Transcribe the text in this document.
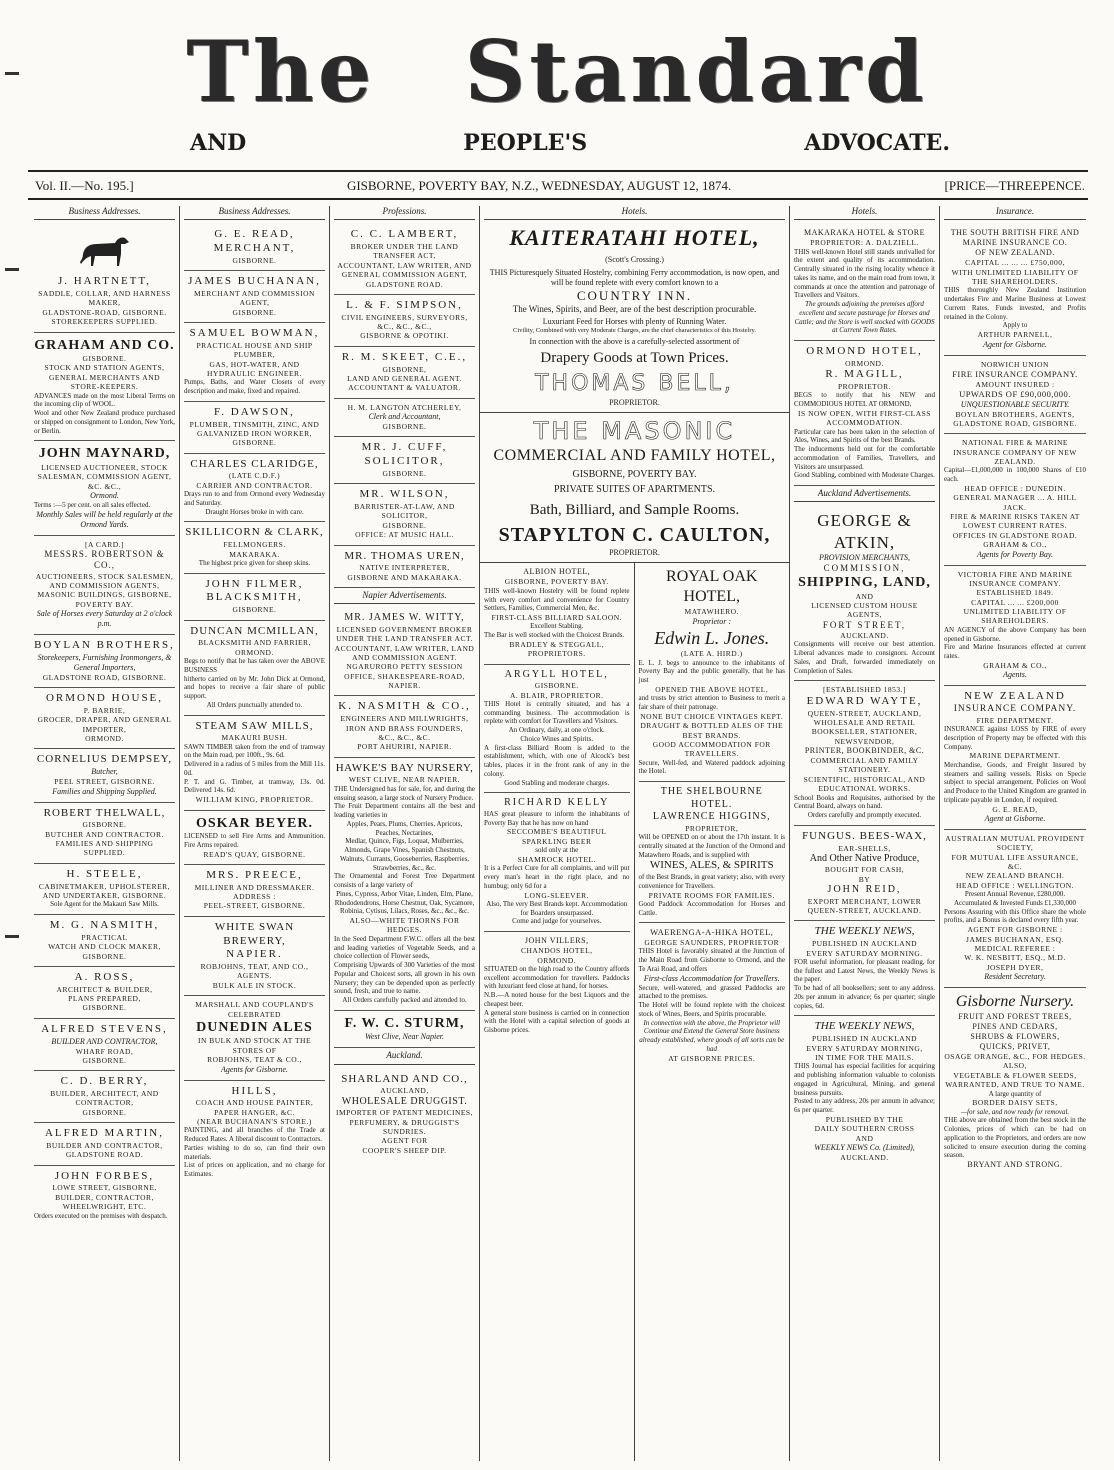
The Standard
AND PEOPLE'S ADVOCATE.
Vol. II.—No. 195.]	GISBORNE, POVERTY BAY, N.Z., WEDNESDAY, AUGUST 12, 1874.	[PRICE—THREEPENCE.
Business Addresses.
J. HARTNETT,
SADDLE, COLLAR, AND HARNESS MAKER,
GLADSTONE-ROAD, GISBORNE.
STOREKEEPERS SUPPLIED.
GRAHAM AND CO.
GISBORNE.
STOCK AND STATION AGENTS,
GENERAL MERCHANTS AND STORE-KEEPERS.
ADVANCES made on the most Liberal Terms on the incoming clip of WOOL.
Wool and other New Zealand produce purchased or shipped on consignment to London, New York, or Berlin.
JOHN MAYNARD,
LICENSED AUCTIONEER, STOCK SALESMAN, COMMISSION AGENT, &C. &C.,
Ormond.
Terms :—5 per cent. on all sales effected.
Monthly Sales will be held regularly at the Ormond Yards.
[A CARD.]
MESSRS. ROBERTSON & CO.,
AUCTIONEERS, STOCK SALESMEN,
AND COMMISSION AGENTS,
MASONIC BUILDINGS, GISBORNE, POVERTY BAY.
Sale of Horses every Saturday at 2 o'clock p.m.
BOYLAN BROTHERS,
Storekeepers, Furnishing Ironmongers, & General Importers,
GLADSTONE ROAD, GISBORNE.
ORMOND HOUSE,
P. BARRIE,
GROCER, DRAPER, AND GENERAL IMPORTER,
ORMOND.
CORNELIUS DEMPSEY,
Butcher,
PEEL STREET, GISBORNE.
Families and Shipping Supplied.
ROBERT THELWALL,
GISBORNE.
BUTCHER AND CONTRACTOR.
FAMILIES AND SHIPPING SUPPLIED.
H. STEELE,
CABINETMAKER, UPHOLSTERER,
AND UNDERTAKER, GISBORNE.
Sole Agent for the Makauri Saw Mills.
M. G. NASMITH,
PRACTICAL
WATCH AND CLOCK MAKER,
GISBORNE.
A. ROSS,
ARCHITECT & BUILDER,
PLANS PREPARED,
GISBORNE.
ALFRED STEVENS,
BUILDER AND CONTRACTOR,
WHARF ROAD,
GISBORNE.
C. D. BERRY,
BUILDER, ARCHITECT, AND CONTRACTOR,
GISBORNE.
ALFRED MARTIN,
BUILDER AND CONTRACTOR,
GLADSTONE ROAD.
JOHN FORBES,
LOWE STREET, GISBORNE,
BUILDER, CONTRACTOR, WHEELWRIGHT, ETC.
Orders executed on the premises with despatch.
Business Addresses.
G. E. READ,
MERCHANT,
GISBORNE.
JAMES BUCHANAN,
MERCHANT AND COMMISSION AGENT,
GISBORNE.
SAMUEL BOWMAN,
PRACTICAL HOUSE AND SHIP PLUMBER,
GAS, HOT-WATER, AND HYDRAULIC ENGINEER.
Pumps, Baths, and Water Closets of every description and make, fixed and repaired.
F. DAWSON,
PLUMBER, TINSMITH, ZINC, AND GALVANIZED IRON WORKER,
GISBORNE.
CHARLES CLARIDGE,
(LATE C.D.F.)
CARRIER AND CONTRACTOR.
Drays run to and from Ormond every Wednesday and Saturday.
Draught Horses broke in with care.
SKILLICORN & CLARK,
FELLMONGERS.
MAKARAKA.
The highest price given for sheep skins.
JOHN FILMER,
BLACKSMITH,
GISBORNE.
DUNCAN MCMILLAN,
BLACKSMITH AND FARRIER,
ORMOND.
Begs to notify that he has taken over the ABOVE BUSINESS
hitherto carried on by Mr. John Dick at Ormond, and hopes to receive a fair share of public support.
All Orders punctually attended to.
STEAM SAW MILLS,
MAKAURI BUSH.
SAWN TIMBER taken from the end of tramway on the Main road, per 100ft., 9s. 6d.
Delivered in a radius of 5 miles from the Mill 11s. 0d.
P. T. and G. Timber, at tramway, 13s. 0d. Delivered 14s. 6d.
WILLIAM KING, PROPRIETOR.
OSKAR BEYER.
LICENSED to sell Fire Arms and Ammunition. Fire Arms repaired.
READ'S QUAY, GISBORNE.
MRS. PREECE,
MILLINER AND DRESSMAKER.
ADDRESS :
PEEL-STREET, GISBORNE.
WHITE SWAN BREWERY,
NAPIER.
ROBJOHNS, TEAT, AND CO.,
AGENTS.
BULK ALE IN STOCK.
MARSHALL AND COUPLAND'S
CELEBRATED
DUNEDIN ALES
IN BULK AND STOCK AT THE STORES OF
ROBJOHNS, TEAT & CO.,
Agents for Gisborne.
HILLS,
COACH AND HOUSE PAINTER, PAPER HANGER, &C.
(NEAR BUCHANAN'S STORE.)
PAINTING, and all branches of the Trade at Reduced Rates. A liberal discount to Contractors.
Parties wishing to do so, can find their own materials.
List of prices on application, and no charge for Estimates.
Professions.
C. C. LAMBERT,
BROKER UNDER THE LAND TRANSFER ACT,
ACCOUNTANT, LAW WRITER, AND
GENERAL COMMISSION AGENT,
GLADSTONE ROAD.
L. & F. SIMPSON,
CIVIL ENGINEERS, SURVEYORS,
&C., &C., &C.,
GISBORNE & OPOTIKI.
R. M. SKEET, C.E.,
GISBORNE,
LAND AND GENERAL AGENT.
ACCOUNTANT & VALUATOR.
H. M. LANGTON ATCHERLEY,
Clerk and Accountant,
GISBORNE.
MR. J. CUFF,
SOLICITOR,
GISBORNE.
MR. WILSON,
BARRISTER-AT-LAW, AND SOLICITOR,
GISBORNE.
OFFICE: AT MUSIC HALL.
MR. THOMAS UREN,
NATIVE INTERPRETER,
GISBORNE AND MAKARAKA.
Napier Advertisements.
MR. JAMES W. WITTY,
LICENSED GOVERNMENT BROKER
UNDER THE LAND TRANSFER ACT.
ACCOUNTANT, LAW WRITER, LAND AND COMMISSION AGENT.
NGARURORO PETTY SESSION OFFICE, SHAKESPEARE-ROAD, NAPIER.
K. NASMITH & CO.,
ENGINEERS AND MILLWRIGHTS,
IRON AND BRASS FOUNDERS,
&C., &C., &C.
PORT AHURIRI, NAPIER.
HAWKE'S BAY NURSERY,
WEST CLIVE, NEAR NAPIER.
THE Undersigned has for sale, for, and during the ensuing season, a large stock of Nursery Produce.
The Fruit Department contains all the best and leading varieties in
Apples, Pears, Plums, Cherries, Apricots, Peaches, Nectarines,
Medlar, Quince, Figs, Loquat, Mulberries, Almonds, Grape Vines, Spanish Chestnuts, Walnuts, Currants, Gooseberries, Raspberries, Strawberries, &c., &c.
The Ornamental and Forest Tree Department consists of a large variety of
Pines, Cypress, Arbor Vitae, Linden, Elm, Plane, Rhododendrons, Horse Chestnut, Oak, Sycamore, Robinia, Cytisus, Lilacs, Roses, &c., &c., &c.
ALSO—WHITE THORNS FOR HEDGES.
In the Seed Department F.W.C. offers all the best and leading varieties of Vegetable Seeds, and a choice collection of Flower seeds,
Comprising Upwards of 300 Varieties of the most Popular and Choicest sorts, all grown in his own Nursery; they can be depended upon as perfectly sound, fresh, and true to name.
All Orders carefully packed and attended to.
F. W. C. STURM,
West Clive, Near Napier.
Auckland.
SHARLAND AND CO.,
AUCKLAND,
WHOLESALE DRUGGIST.
IMPORTER OF PATENT MEDICINES, PERFUMERY, & DRUGGIST'S SUNDRIES.
AGENT FOR
COOPER'S SHEEP DIP.
Hotels.
KAITERATAHI HOTEL,
(Scott's Crossing.)
THIS Picturesquely Situated Hostelry, combining Ferry accommodation, is now open, and will be found replete with every comfort known to a
COUNTRY INN.
The Wines, Spirits, and Beer, are of the best description procurable.
Luxuriant Feed for Horses with plenty of Running Water.
Civility, Combined with very Moderate Charges, are the chief characteristics of this Hostelry.
In connection with the above is a carefully-selected assortment of
Drapery Goods at Town Prices.
THOMAS BELL,
PROPRIETOR.
THE MASONIC
COMMERCIAL AND FAMILY HOTEL,
GISBORNE, POVERTY BAY.
PRIVATE SUITES OF APARTMENTS.
Bath, Billiard, and Sample Rooms.
STAPYLTON C. CAULTON,
PROPRIETOR.
ALBION HOTEL,
GISBORNE, POVERTY BAY.
THIS well-known Hostelry will be found replete with every comfort and convenience for Country Settlers, Families, Commercial Men, &c.
FIRST-CLASS BILLIARD SALOON.
Excellent Stabling.
The Bar is well stocked with the Choicest Brands.
BRADLEY & STEGGALL, PROPRIETORS.
ARGYLL HOTEL,
GISBORNE.
A. BLAIR, PROPRIETOR.
THIS Hotel is centrally situated, and has a commanding business. The accommodation is replete with comfort for Travellers and Visitors.
An Ordinary, daily, at one o'clock.
Choice Wines and Spirits.
A first-class Billiard Room is added to the establishment, which, with one of Alcock's best tables, places it in the front rank of any in the colony.
Good Stabling and moderate charges.
RICHARD KELLY
HAS great pleasure to inform the inhabitants of Poverty Bay that he has now on hand
SECCOMBE'S BEAUTIFUL SPARKLING BEER
sold only at the
SHAMROCK HOTEL.
It is a Perfect Cure for all complaints, and will put every man's heart in the right place, and no humbug; only 6d for a
LONG-SLEEVER.
Also, The very Best Brands kept. Accommodation for Boarders unsurpassed.
Come and judge for yourselves.
JOHN VILLERS,
CHANDOS HOTEL,
ORMOND.
SITUATED on the high road to the Country affords excellent accommodation for travellers. Paddocks with luxuriant feed close at hand, for horses.
N.B.—A noted house for the best Liquors and the cheapest beer.
A general store business is carried on in connection with the Hotel with a capital selection of goods at Gisborne prices.
ROYAL OAK HOTEL,
MATAWHERO.
Proprietor :
Edwin L. Jones.
(LATE A. HIRD.)
E. L. J. begs to announce to the inhabitants of Poverty Bay and the public generally, that he has just
OPENED THE ABOVE HOTEL,
and trusts by strict attention to Business to merit a fair share of their patronage.
NONE BUT CHOICE VINTAGES KEPT.
DRAUGHT & BOTTLED ALES OF THE BEST BRANDS.
GOOD ACCOMMODATION FOR TRAVELLERS.
Secure, Well-fed, and Watered paddock adjoining the Hotel.
THE SHELBOURNE HOTEL.
LAWRENCE HIGGINS,
PROPRIETOR,
Will be OPENED on or about the 17th instant. It is centrally situated at the Junction of the Ormond and Matawhero Roads, and is supplied with
WINES, ALES, & SPIRITS
of the Best Brands, in great variety; also, with every convenience for Travellers.
PRIVATE ROOMS FOR FAMILIES.
Good Paddock Accommodation for Horses and Cattle.
WAERENGA-A-HIKA HOTEL,
GEORGE SAUNDERS, PROPRIETOR
THIS Hotel is favorably situated at the Junction of the Main Road from Gisborne to Ormond, and the Te Arai Road, and offers
First-class Accommodation for Travellers.
Secure, well-watered, and grassed Paddocks are attached to the premises.
The Hotel will be found replete with the choicest stock of Wines, Beers, and Spirits procurable.
In connection with the above, the Proprietor will Continue and Extend the General Store business already established, where goods of all sorts can be had
AT GISBORNE PRICES.
Hotels.
MAKARAKA HOTEL & STORE
PROPRIETOR: A. DALZIELL.
THIS well-known Hotel still stands unrivalled for the extent and quality of its accommodation. Centrally situated in the rising locality whence it takes its name, and on the main road from town, it commands at once the attention and patronage of Travellers and Visitors.
The grounds adjoining the premises afford excellent and secure pasturage for Horses and Cattle; and the Store is well stocked with GOODS at Current Town Rates.
ORMOND HOTEL,
ORMOND.
R. MAGILL,
PROPRIETOR.
BEGS to notify that his NEW and COMMODIOUS HOTEL AT ORMOND,
IS NOW OPEN, WITH FIRST-CLASS ACCOMMODATION.
Particular care has been taken in the selection of Ales, Wines, and Spirits of the best Brands.
The inducements held out for the comfortable accommodation of Families, Travellers, and Visitors are unsurpassed.
Good Stabling, combined with Moderate Charges.
Auckland Advertisements.
GEORGE & ATKIN,
PROVISION MERCHANTS,
COMMISSION,
SHIPPING, LAND,
AND
LICENSED CUSTOM HOUSE AGENTS,
FORT STREET,
AUCKLAND.
Consignments will receive our best attention. Liberal advances made to consignors. Account Sales, and Draft, forwarded immediately on Completion of Sales.
[ESTABLISHED 1853.]
EDWARD WAYTE,
QUEEN-STREET, AUCKLAND,
WHOLESALE AND RETAIL BOOKSELLER, STATIONER, NEWSVENDOR,
PRINTER, BOOKBINDER, &C.
COMMERCIAL AND FAMILY STATIONERY.
SCIENTIFIC, HISTORICAL, AND EDUCATIONAL WORKS.
School Books and Requisites, authorised by the Central Board, always on hand.
Orders carefully and promptly executed.
FUNGUS. BEES-WAX,
EAR-SHELLS,
And Other Native Produce,
BOUGHT FOR CASH,
BY
JOHN REID,
EXPORT MERCHANT, LOWER QUEEN-STREET, AUCKLAND.
THE WEEKLY NEWS,
PUBLISHED IN AUCKLAND
EVERY SATURDAY MORNING.
FOR useful information, for pleasant reading, for the fullest and Latest News, the Weekly News is the paper.
To be had of all booksellers; sent to any address. 20s per annum in advance; 6s per quarter; single copies, 6d.
THE WEEKLY NEWS,
PUBLISHED IN AUCKLAND
EVERY SATURDAY MORNING,
IN TIME FOR THE MAILS.
THIS Journal has especial facilities for acquiring and publishing information valuable to colonists engaged in Agricultural, Mining, and general business pursuits.
Posted to any address, 20s per annum in advance; 6s per quarter.
PUBLISHED BY THE
DAILY SOUTHERN CROSS
AND
WEEKLY NEWS Co. (Limited),
AUCKLAND.
Insurance.
THE SOUTH BRITISH FIRE AND MARINE INSURANCE CO.
OF NEW ZEALAND.
CAPITAL ... ... ... £750,000,
WITH UNLIMITED LIABILITY OF THE SHAREHOLDERS.
THIS thoroughly New Zealand Institution undertakes Fire and Marine Business at Lowest Current Rates. Funds invested, and Profits retained in the Colony.
Apply to
ARTHUR PARNELL,
Agent for Gisborne.
NORWICH UNION
FIRE INSURANCE COMPANY.
AMOUNT INSURED :
UPWARDS OF £90,000,000.
UNQUESTIONABLE SECURITY.
BOYLAN BROTHERS, AGENTS,
GLADSTONE ROAD, GISBORNE.
NATIONAL FIRE & MARINE INSURANCE COMPANY OF NEW ZEALAND.
Capital—£1,000,000 in 100,000 Shares of £10 each.
HEAD OFFICE : DUNEDIN.
GENERAL MANAGER ... A. HILL JACK.
FIRE & MARINE RISKS TAKEN AT LOWEST CURRENT RATES.
OFFICES IN GLADSTONE ROAD.
GRAHAM & CO.,
Agents for Poverty Bay.
VICTORIA FIRE AND MARINE INSURANCE COMPANY.
ESTABLISHED 1849.
CAPITAL ... ... £200,000
UNLIMITED LIABILITY OF SHAREHOLDERS.
AN AGENCY of the above Company has been opened in Gisborne.
Fire and Marine Insurances effected at current rates.
GRAHAM & CO.,
Agents.
NEW ZEALAND
INSURANCE COMPANY.
FIRE DEPARTMENT.
INSURANCE against LOSS by FIRE of every description of Property may be effected with this Company.
MARINE DEPARTMENT.
Merchandise, Goods, and Freight Insured by steamers and sailing vessels. Risks on Specie subject to special arrangement. Policies on Wool and Produce to the United Kingdom are granted in triplicate payable in London, if required.
G. E. READ,
Agent at Gisborne.
AUSTRALIAN MUTUAL PROVIDENT SOCIETY,
FOR MUTUAL LIFE ASSURANCE, &C.
NEW ZEALAND BRANCH.
HEAD OFFICE : WELLINGTON.
Present Annual Revenue, £280,000.
Accumulated & Invested Funds £1,330,000
Persons Assuring with this Office share the whole profits, and a Bonus is declared every fifth year.
AGENT FOR GISBORNE :
JAMES BUCHANAN, ESQ.
MEDICAL REFEREE :
W. K. NESBITT, ESQ., M.D.
JOSEPH DYER,
Resident Secretary.
Gisborne Nursery.
FRUIT AND FOREST TREES,
PINES AND CEDARS,
SHRUBS & FLOWERS,
QUICKS, PRIVET,
OSAGE ORANGE, &C., FOR HEDGES.
ALSO,
VEGETABLE & FLOWER SEEDS,
WARRANTED, AND TRUE TO NAME.
A large quantity of
BORDER DAISY SETS,
—for sale, and now ready for removal.
THE above are obtained from the best stock in the Colonies, prices of which can be had on application to the Proprietors, and orders are now solicited to ensure execution during the coming season.
BRYANT AND STRONG.
